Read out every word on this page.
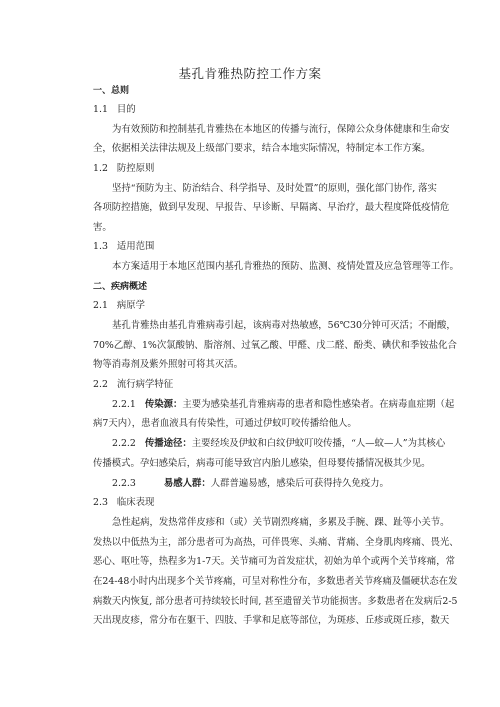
基孔肯雅热防控工作方案
一、总则
1.1 目的
为有效预防和控制基孔肯雅热在本地区的传播与流行，保障公众身体健康和生命安
全，依据相关法律法规及上级部门要求，结合本地实际情况，特制定本工作方案。
1.2 防控原则
坚持“预防为主、防治结合、科学指导、及时处置”的原则，强化部门协作, 落实
各项防控措施，做到早发现、早报告、早诊断、早隔离、早治疗，最大程度降低疫情危
害。
1.3 适用范围
本方案适用于本地区范围内基孔肯雅热的预防、监测、疫情处置及应急管理等工作。
二、疾病概述
2.1 病原学
基孔肯雅热由基孔肯雅病毒引起，该病毒对热敏感，56℃30分钟可灭活；不耐酸，
70%乙醇、1%次氯酸钠、脂溶剂、过氧乙酸、甲醛、戊二醛、酚类、碘伏和季铵盐化合
物等消毒剂及紫外照射可将其灭活。
2.2 流行病学特征
2.2.1 传染源：主要为感染基孔肯雅病毒的患者和隐性感染者。在病毒血症期（起
病7天内），患者血液具有传染性，可通过伊蚊叮咬传播给他人。
2.2.2 传播途径：主要经埃及伊蚊和白纹伊蚊叮咬传播，“人—蚊—人”为其核心
传播模式。孕妇感染后，病毒可能导致宫内胎儿感染，但母婴传播情况极其少见。
2.2.3	易感人群：人群普遍易感，感染后可获得持久免疫力。
2.3 临床表现
急性起病，发热常伴皮疹和（或）关节剧烈疼痛，多累及手腕、踝、趾等小关节。
发热以中低热为主，部分患者可为高热，可伴畏寒、头痛、背痛、全身肌肉疼痛、畏光、
恶心、呕吐等，热程多为1-7天。关节痛可为首发症状，初始为单个或两个关节疼痛，常
在24-48小时内出现多个关节疼痛，可呈对称性分布，多数患者关节疼痛及僵硬状态在发
病数天内恢复, 部分患者可持续较长时间, 甚至遗留关节功能损害。多数患者在发病后2-5
天出现皮疹，常分布在躯干、四肢、手掌和足底等部位，为斑疹、丘疹或斑丘疹，数天
